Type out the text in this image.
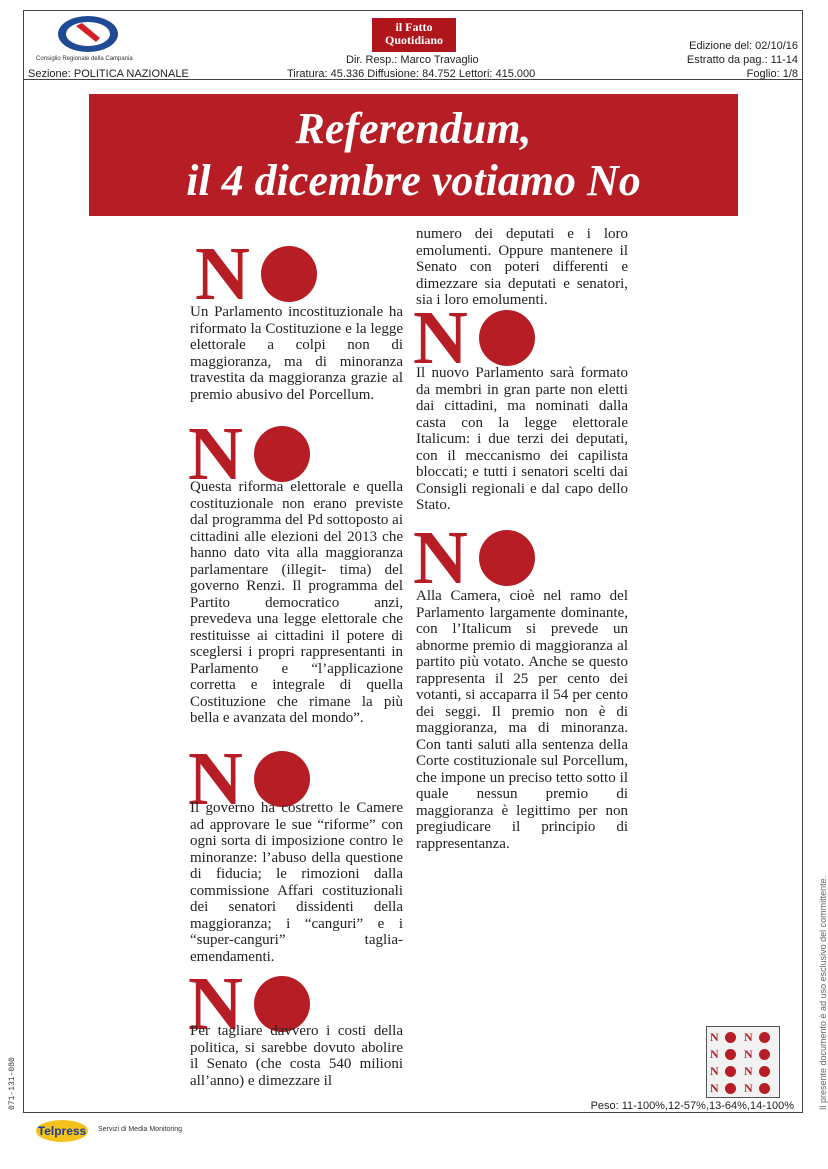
Consiglio Regionale della Campania
Sezione: POLITICA NAZIONALE
il Fatto Quotidiano
Dir. Resp.: Marco Travaglio
Tiratura: 45.336 Diffusione: 84.752 Lettori: 415.000
Edizione del: 02/10/16
Estratto da pag.: 11-14
Foglio: 1/8
Referendum,
il 4 dicembre votiamo No
N
N
N
N
N
N

Un Parlamento incostituzionale ha riformato la Costituzione e la legge elettorale a colpi non di maggioranza, ma di minoranza travestita da maggioranza grazie al premio abusivo del Porcellum.

Questa riforma elettorale e quella costituzionale non erano previste dal programma del Pd sottoposto ai cittadini alle elezioni del 2013 che hanno dato vita alla maggioranza parlamentare (illegit- tima) del governo Renzi. Il programma del Partito democratico anzi, prevedeva una legge elettorale che restituisse ai cittadini il potere di sceglersi i propri rappresentanti in Parlamento e “l’applicazione corretta e integrale di quella Costituzione che rimane la più bella e avanzata del mondo”.

Il governo ha costretto le Camere ad approvare le sue “riforme” con ogni sorta di imposizione contro le minoranze: l’abuso della questione di fiducia; le rimozioni dalla commissione Affari costituzionali dei senatori dissidenti della maggioranza; i “canguri” e i “super-canguri” taglia-emendamenti.

Per tagliare davvero i costi della politica, si sarebbe dovuto abolire il Senato (che costa 540 milioni all’anno) e dimezzare il

numero dei deputati e i loro emolumenti. Oppure mantenere il Senato con poteri differenti e dimezzare sia deputati e senatori, sia i loro emolumenti.

Il nuovo Parlamento sarà formato da membri in gran parte non eletti dai cittadini, ma nominati dalla casta con la legge elettorale Italicum: i due terzi dei deputati, con il meccanismo dei capilista bloccati; e tutti i senatori scelti dai Consigli regionali e dal capo dello Stato.

Alla Camera, cioè nel ramo del Parlamento largamente dominante, con l’Italicum si prevede un abnorme premio di maggioranza al partito più votato. Anche se questo rappresenta il 25 per cento dei votanti, si accaparra il 54 per cento dei seggi. Il premio non è di maggioranza, ma di minoranza. Con tanti saluti alla sentenza della Corte costituzionale sul Porcellum, che impone un preciso tetto sotto il quale nessun premio di maggioranza è legittimo per non pregiudicare il principio di rappresentanza.

N N
N N
N N
N N
Peso: 11-100%,12-57%,13-64%,14-100%	Il presente documento è ad uso esclusivo del committente.
071-131-080
Telpress Servizi di Media Monitoring
